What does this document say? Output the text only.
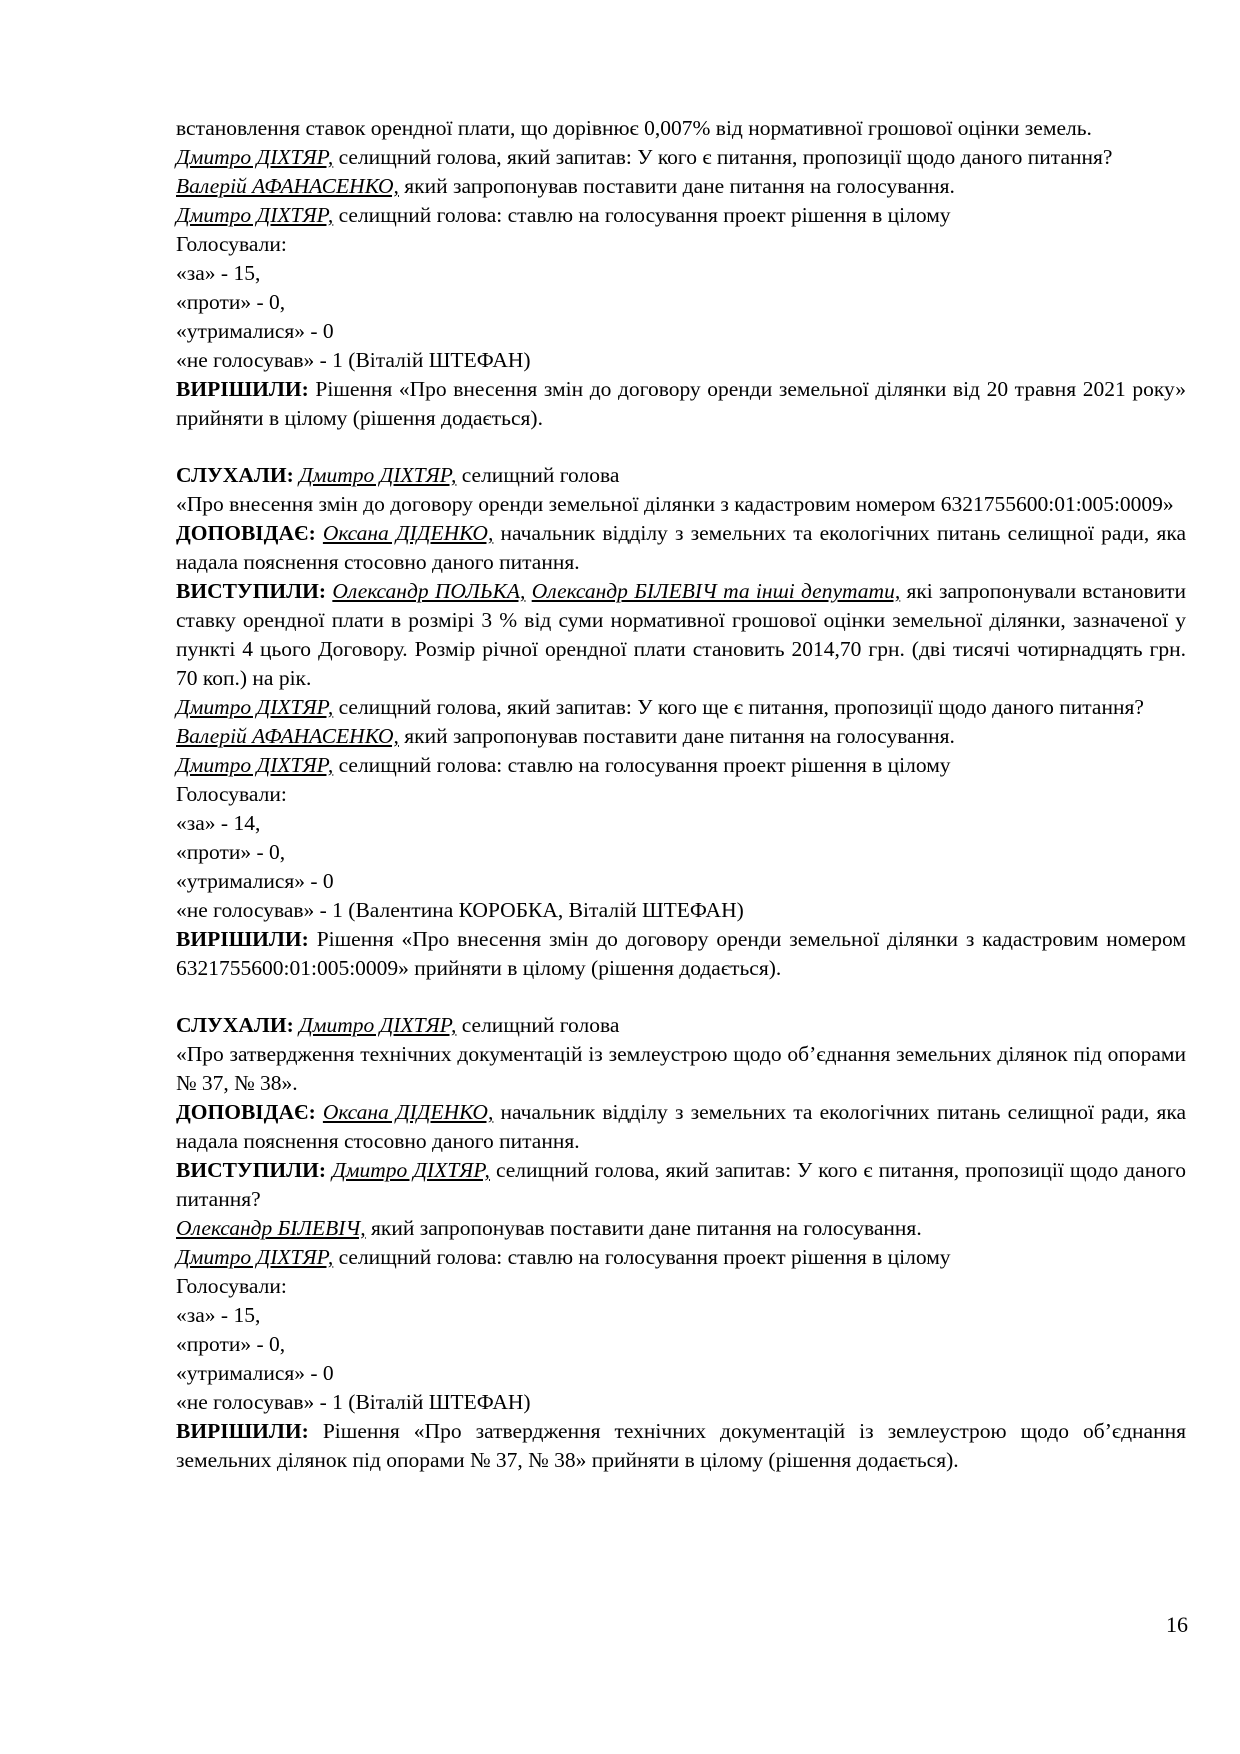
встановлення ставок орендної плати, що дорівнює 0,007% від нормативної грошової оцінки земель.

Дмитро ДІХТЯР, селищний голова, який запитав: У кого є питання, пропозиції щодо даного питання?

Валерій АФАНАСЕНКО, який запропонував поставити дане питання на голосування.

Дмитро ДІХТЯР, селищний голова: ставлю на голосування проект рішення в цілому

Голосували:

«за» - 15,

«проти» - 0,

«утрималися» - 0

«не голосував» - 1 (Віталій ШТЕФАН)

ВИРІШИЛИ: Рішення «Про внесення змін до договору оренди земельної ділянки від 20 травня 2021 року» прийняти в цілому (рішення додається).

СЛУХАЛИ: Дмитро ДІХТЯР, селищний голова

«Про внесення змін до договору оренди земельної ділянки з кадастровим номером 6321755600:01:005:0009»

ДОПОВІДАЄ: Оксана ДІДЕНКО, начальник відділу з земельних та екологічних питань селищної ради, яка надала пояснення стосовно даного питання.

ВИСТУПИЛИ: Олександр ПОЛЬКА, Олександр БІЛЕВІЧ та інші депутати, які запропонували встановити ставку орендної плати в розмірі 3 % від суми нормативної грошової оцінки земельної ділянки, зазначеної у пункті 4 цього Договору. Розмір річної орендної плати становить 2014,70 грн. (дві тисячі чотирнадцять грн. 70 коп.) на рік.

Дмитро ДІХТЯР, селищний голова, який запитав: У кого ще є питання, пропозиції щодо даного питання?

Валерій АФАНАСЕНКО, який запропонував поставити дане питання на голосування.

Дмитро ДІХТЯР, селищний голова: ставлю на голосування проект рішення в цілому

Голосували:

«за» - 14,

«проти» - 0,

«утрималися» - 0

«не голосував» - 1 (Валентина КОРОБКА, Віталій ШТЕФАН)

ВИРІШИЛИ: Рішення «Про внесення змін до договору оренди земельної ділянки з кадастровим номером 6321755600:01:005:0009» прийняти в цілому (рішення додається).

СЛУХАЛИ: Дмитро ДІХТЯР, селищний голова

«Про затвердження технічних документацій із землеустрою щодо об’єднання земельних ділянок під опорами № 37, № 38».

ДОПОВІДАЄ: Оксана ДІДЕНКО, начальник відділу з земельних та екологічних питань селищної ради, яка надала пояснення стосовно даного питання.

ВИСТУПИЛИ: Дмитро ДІХТЯР, селищний голова, який запитав: У кого є питання, пропозиції щодо даного питання?

Олександр БІЛЕВІЧ, який запропонував поставити дане питання на голосування.

Дмитро ДІХТЯР, селищний голова: ставлю на голосування проект рішення в цілому

Голосували:

«за» - 15,

«проти» - 0,

«утрималися» - 0

«не голосував» - 1 (Віталій ШТЕФАН)

ВИРІШИЛИ: Рішення «Про затвердження технічних документацій із землеустрою щодо об’єднання земельних ділянок під опорами № 37, № 38» прийняти в цілому (рішення додається).

16
